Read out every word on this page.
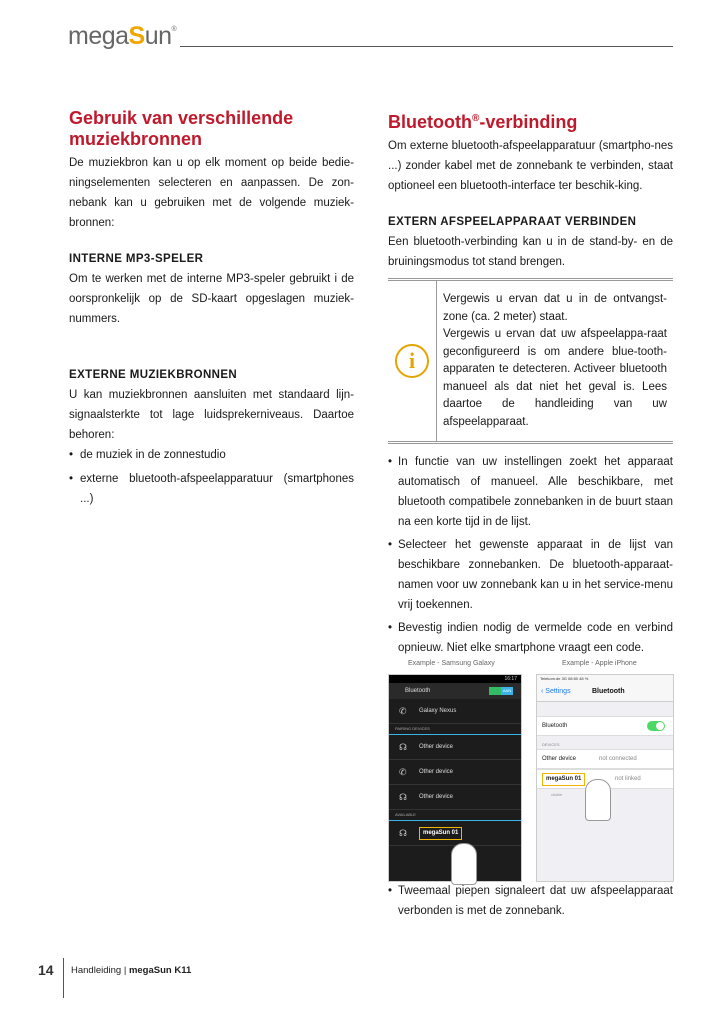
megaSun®
Gebruik van verschillende muziekbronnen

De muziekbron kan u op elk moment op beide bedie-ningselementen selecteren en aanpassen. De zon-nebank kan u gebruiken met de volgende muziek-bronnen:

INTERNE MP3-SPELER

Om te werken met de interne MP3-speler gebruikt i de oorspronkelijk op de SD-kaart opgeslagen muziek-nummers.

EXTERNE MUZIEKBRONNEN

U kan muziekbronnen aansluiten met standaard lijn-signaalsterkte tot lage luidsprekerniveaus. Daartoe behoren:

• de muziek in de zonnestudio
• externe bluetooth-afspeelapparatuur (smartphones ...)
Bluetooth®-verbinding

Om externe bluetooth-afspeelapparatuur (smartpho-nes ...) zonder kabel met de zonnebank te verbinden, staat optioneel een bluetooth-interface ter beschik-king.

EXTERN AFSPEELAPPARAAT VERBINDEN

Een bluetooth-verbinding kan u in de stand-by- en de bruiningsmodus tot stand brengen.

i

Vergewis u ervan dat u in de ontvangst-zone (ca. 2 meter) staat.

Vergewis u ervan dat uw afspeelappa-raat geconfigureerd is om andere blue-tooth-apparaten te detecteren. Activeer bluetooth manueel als dat niet het geval is. Lees daartoe de handleiding van uw afspeelapparaat.

• In functie van uw instellingen zoekt het apparaat automatisch of manueel. Alle beschikbare, met bluetooth compatibele zonnebanken in de buurt staan na een korte tijd in de lijst.
• Selecteer het gewenste apparaat in de lijst van beschikbare zonnebanken. De bluetooth-apparaat-namen voor uw zonnebank kan u in het service-menu vrij toekennen.
• Bevestig indien nodig de vermelde code en verbind opnieuw. Niet elke smartphone vraagt een code.
Example - Samsung Galaxy	Example - Apple iPhone
16:17
Bluetooth	AAN
✆ Galaxy Nexus
PAIRING DEVICES
☊ Other device
✆ Other device
☊ Other device
AVAILABLE
☊	megaSun 01
Telekom.de 3G 08:50 48 %
‹ Settings	Bluetooth
Bluetooth
DEVICES
Other device	not connected
megaSun 01	not linked
visible
• Tweemaal piepen signaleert dat uw afspeelapparaat verbonden is met de zonnebank.
14 Handleiding | megaSun K11
